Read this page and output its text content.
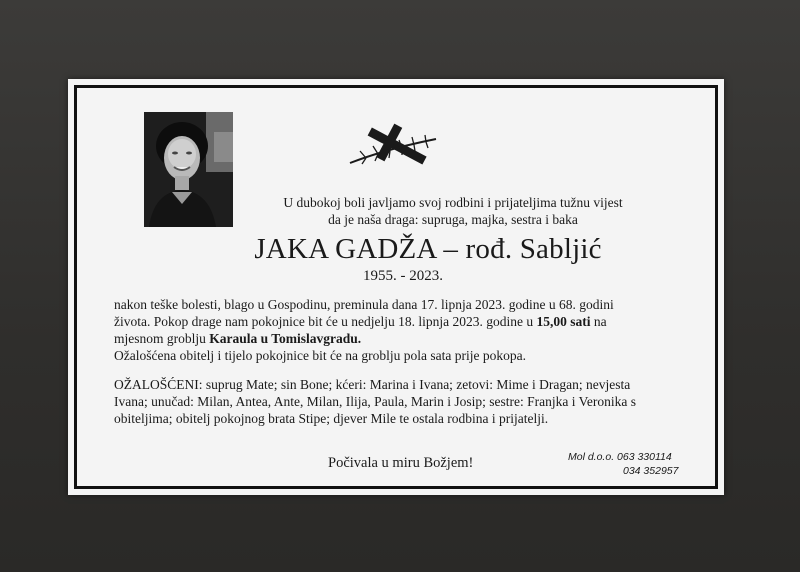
U dubokoj boli javljamo svoj rodbini i prijateljima tužnu vijest
da je naša draga: supruga, majka, sestra i baka
JAKA GADŽA – rođ. Sabljić
1955. - 2023.
nakon teške bolesti, blago u Gospodinu, preminula dana 17. lipnja 2023. godine u 68. godini
života. Pokop drage nam pokojnice bit će u nedjelju 18. lipnja 2023. godine u 15,00 sati na
mjesnom groblju Karaula u Tomislavgradu.
Ožalošćena obitelj i tijelo pokojnice bit će na groblju pola sata prije pokopa.
OŽALOŠĆENI: suprug Mate; sin Bone; kćeri: Marina i Ivana; zetovi: Mime i Dragan; nevjesta
Ivana; unučad: Milan, Antea, Ante, Milan, Ilija, Paula, Marin i Josip; sestre: Franjka i Veronika s
obiteljima; obitelj pokojnog brata Stipe; djever Mile te ostala rodbina i prijatelji.
Počivala u miru Božjem!	Mol d.o.o. 063 330114
034 352957
